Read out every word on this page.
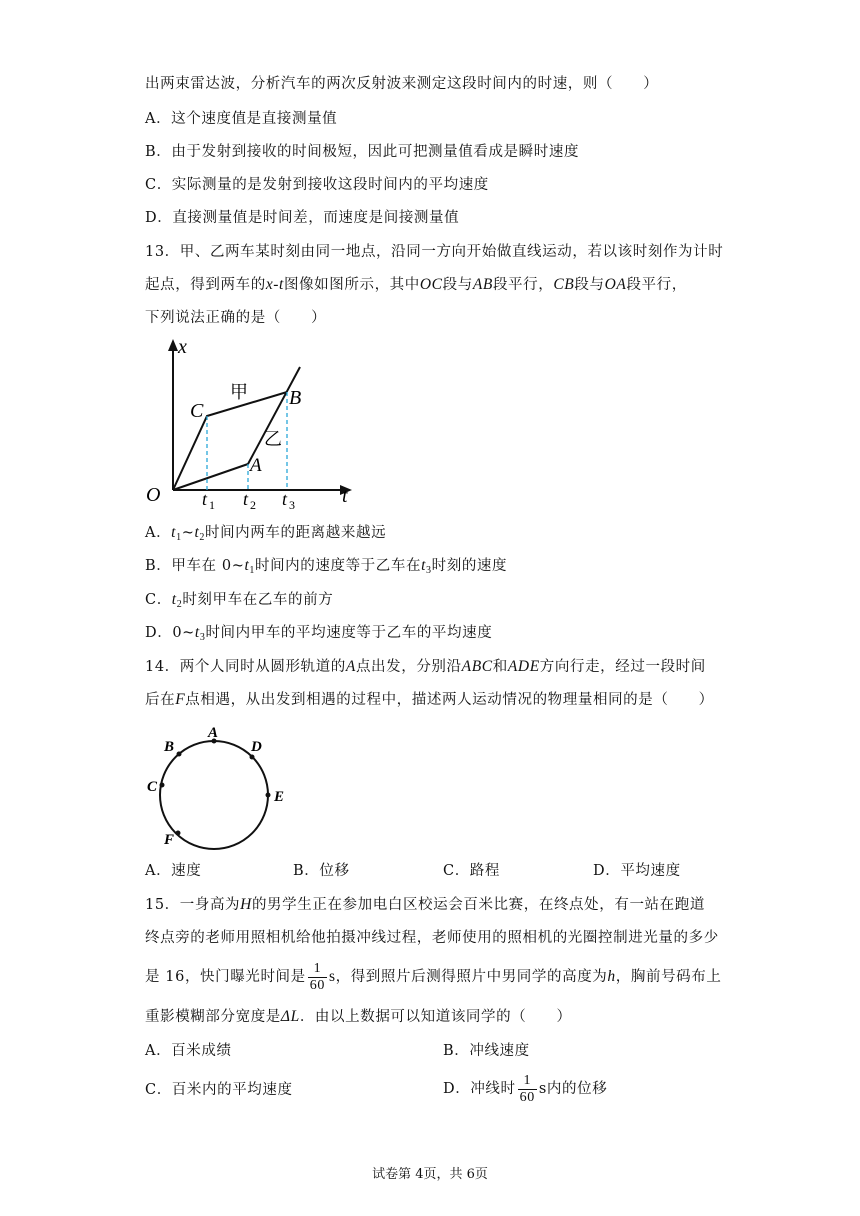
出两束雷达波，分析汽车的两次反射波来测定这段时间内的时速，则（　　）
A．这个速度值是直接测量值
B．由于发射到接收的时间极短，因此可把测量值看成是瞬时速度
C．实际测量的是发射到接收这段时间内的平均速度
D．直接测量值是时间差，而速度是间接测量值
13．甲、乙两车某时刻由同一地点，沿同一方向开始做直线运动，若以该时刻作为计时
起点，得到两车的x-t图像如图所示，其中OC段与AB段平行，CB段与OA段平行，
下列说法正确的是（　　）
x
t
O
C
A
B
甲
乙
t 1 t 2 t 3
A．$t_1\sim t_2$时间内两车的距离越来越远
B．甲车在 $0\sim t_1$时间内的速度等于乙车在$t_3$时刻的速度
C．$t_2$时刻甲车在乙车的前方
D．$0\sim t_3$时间内甲车的平均速度等于乙车的平均速度
14．两个人同时从圆形轨道的A点出发，分别沿ABC和ADE方向行走，经过一段时间
后在F点相遇，从出发到相遇的过程中，描述两人运动情况的物理量相同的是（　　）
A
B
C
D
E
F
A．速度	B．位移	C．路程	D．平均速度
15．一身高为H的男学生正在参加电白区校运会百米比赛，在终点处，有一站在跑道
终点旁的老师用照相机给他拍摄冲线过程，老师使用的照相机的光圈控制进光量的多少
是 16，快门曝光时间是 $\frac{1}{60}$ s，得到照片后测得照片中男同学的高度为h，胸前号码布上
重影模糊部分宽度是ΔL．由以上数据可以知道该同学的（　　）
A．百米成绩	B．冲线速度
C．百米内的平均速度	D．冲线时 $\frac{1}{60}$ s内的位移
试卷第 4页，共 6页
